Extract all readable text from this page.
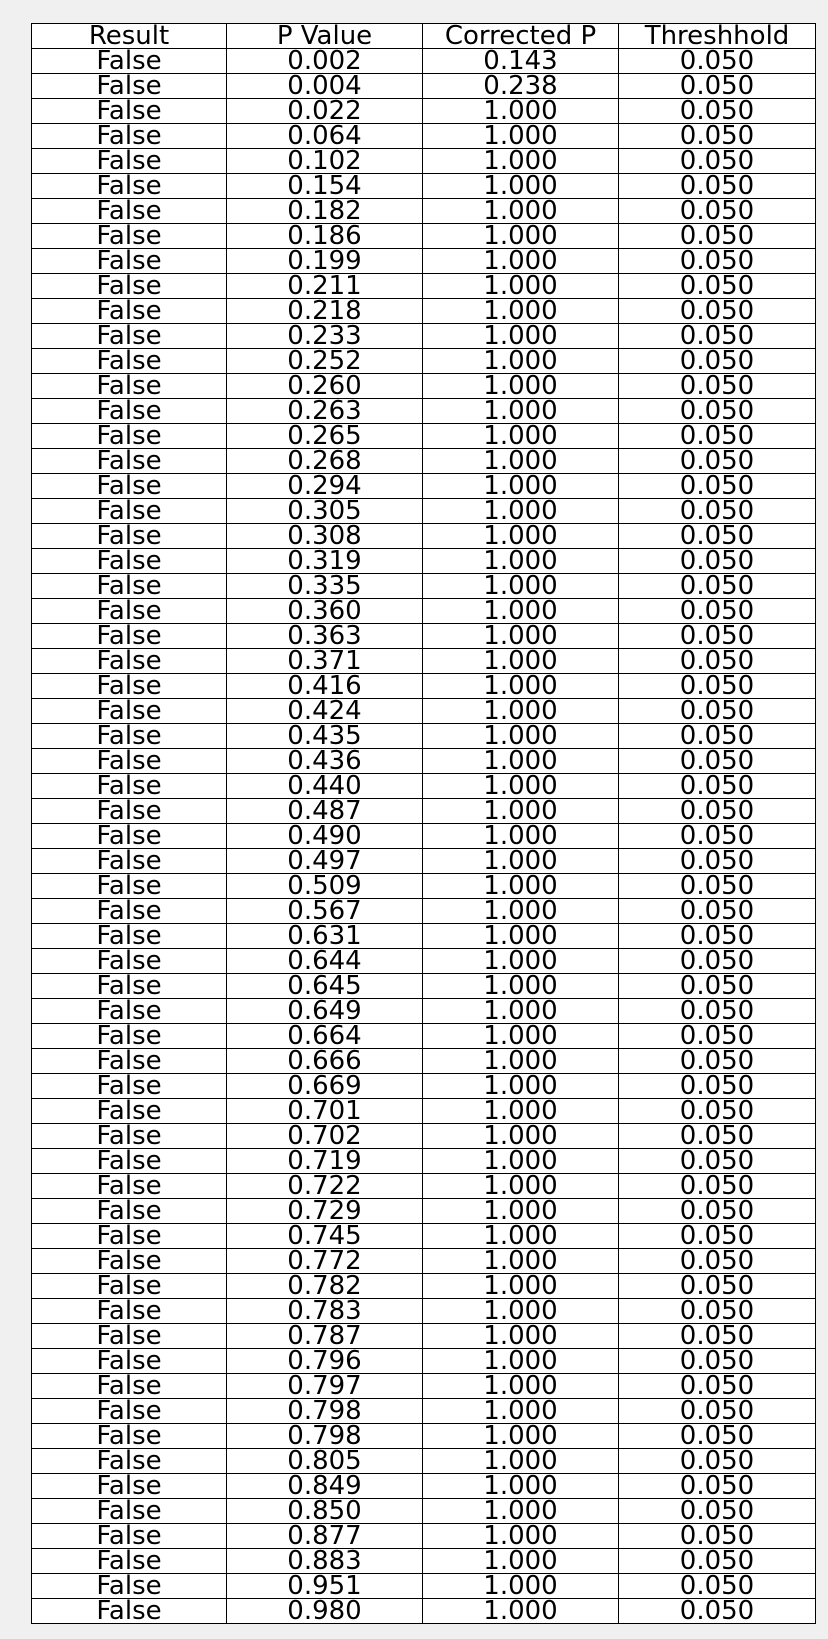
Result	P Value	Corrected P	Threshhold
False	0.002	0.143	0.050
False	0.004	0.238	0.050
False	0.022	1.000	0.050
False	0.064	1.000	0.050
False	0.102	1.000	0.050
False	0.154	1.000	0.050
False	0.182	1.000	0.050
False	0.186	1.000	0.050
False	0.199	1.000	0.050
False	0.211	1.000	0.050
False	0.218	1.000	0.050
False	0.233	1.000	0.050
False	0.252	1.000	0.050
False	0.260	1.000	0.050
False	0.263	1.000	0.050
False	0.265	1.000	0.050
False	0.268	1.000	0.050
False	0.294	1.000	0.050
False	0.305	1.000	0.050
False	0.308	1.000	0.050
False	0.319	1.000	0.050
False	0.335	1.000	0.050
False	0.360	1.000	0.050
False	0.363	1.000	0.050
False	0.371	1.000	0.050
False	0.416	1.000	0.050
False	0.424	1.000	0.050
False	0.435	1.000	0.050
False	0.436	1.000	0.050
False	0.440	1.000	0.050
False	0.487	1.000	0.050
False	0.490	1.000	0.050
False	0.497	1.000	0.050
False	0.509	1.000	0.050
False	0.567	1.000	0.050
False	0.631	1.000	0.050
False	0.644	1.000	0.050
False	0.645	1.000	0.050
False	0.649	1.000	0.050
False	0.664	1.000	0.050
False	0.666	1.000	0.050
False	0.669	1.000	0.050
False	0.701	1.000	0.050
False	0.702	1.000	0.050
False	0.719	1.000	0.050
False	0.722	1.000	0.050
False	0.729	1.000	0.050
False	0.745	1.000	0.050
False	0.772	1.000	0.050
False	0.782	1.000	0.050
False	0.783	1.000	0.050
False	0.787	1.000	0.050
False	0.796	1.000	0.050
False	0.797	1.000	0.050
False	0.798	1.000	0.050
False	0.798	1.000	0.050
False	0.805	1.000	0.050
False	0.849	1.000	0.050
False	0.850	1.000	0.050
False	0.877	1.000	0.050
False	0.883	1.000	0.050
False	0.951	1.000	0.050
False	0.980	1.000	0.050
